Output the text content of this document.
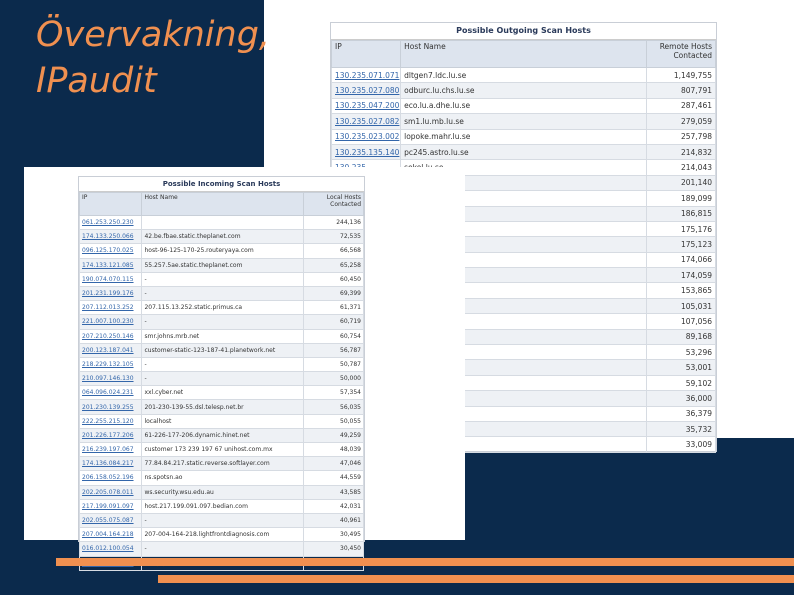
Övervakning,
IPaudit
Possible Outgoing Scan Hosts
IP	Host Name	Remote Hosts Contacted
130.235.071.071	dltgen7.ldc.lu.se	1,149,755
130.235.027.080	odburc.lu.chs.lu.se	807,791
130.235.047.200	eco.lu.a.dhe.lu.se	287,461
130.235.027.082	sm1.lu.mb.lu.se	279,059
130.235.023.002	lopoke.mahr.lu.se	257,798
130.235.135.140	pc245.astro.lu.se	214,832
		214,043
		201,140
		189,099
		186,815
		175,176
		175,123
		174,066
		174,059
		153,865
		105,031
		107,056
		89,168
		53,296
		53,001
		59,102
		36,000
		36,379
		35,732
		33,009
Possible Incoming Scan Hosts
IP	Host Name	Local Hosts Contacted
061.253.250.230		244,136
174.133.250.066	42.be.fbae.static.theplanet.com	72,535
096.125.170.025	host-96-125-170-25.routeryaya.com	66,568
174.133.121.085	55.257.5ae.static.theplanet.com	65,258
190.074.070.115	-	60,450
201.231.199.176	-	69,399
207.112.013.252	207.115.13.252.static.primus.ca	61,371
221.007.100.230	-	60,719
207.210.250.146	smr.johns.mrb.net	60,754
200.123.187.041	customer-static-123-187-41.planetwork.net	56,787
218.229.132.105	-	50,787
210.097.146.130	-	50,000
064.096.024.231	xxl.cyber.net	57,354
201.230.139.255	201-230-139-55.dsl.telesp.net.br	56,035
222.255.215.120	localhost	50,055
201.226.177.206	61-226-177-206.dynamic.hinet.net	49,259
216.239.197.067	customer 173 239 197 67 unihost.com.mx	48,039
174.136.084.217	77.84.84.217.static.reverse.softlayer.com	47,046
206.158.052.196	ns.spotsn.ao	44,559
202.205.078.011	ws.security.wsu.edu.au	43,585
217.199.091.097	host.217.199.091.097.bedian.com	42,031
202.055.075.087	-	40,961
207.004.164.218	207-004-164-218.lightfrontdiagnosis.com	30,495
016.012.100.054	-	30,450
